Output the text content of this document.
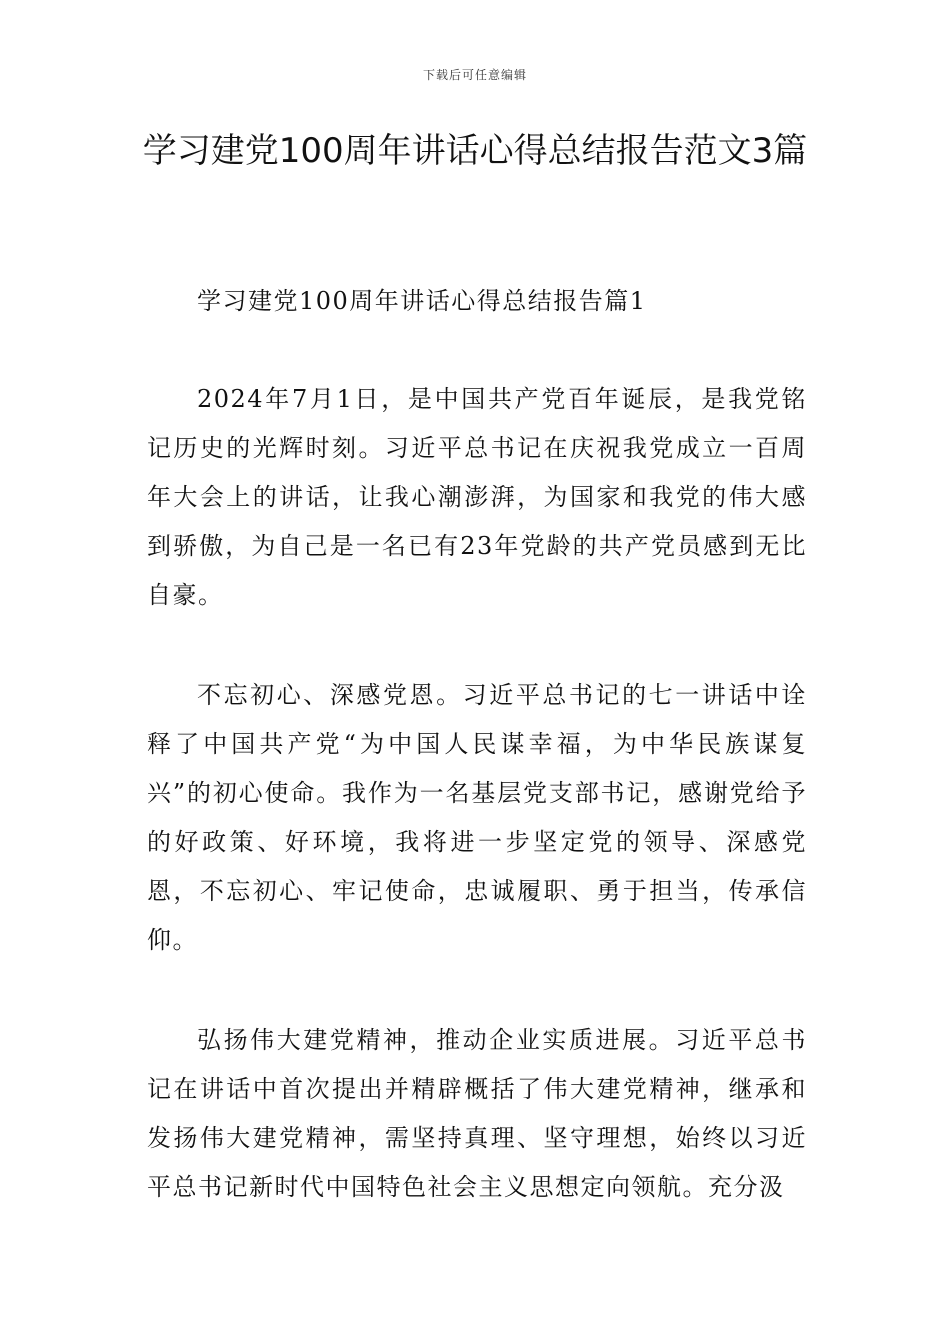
下载后可任意编辑
学习建党100周年讲话心得总结报告范文3篇

学习建党100周年讲话心得总结报告篇1

2024年7月1日，是中国共产党百年诞辰，是我党铭记历史的光辉时刻。习近平总书记在庆祝我党成立一百周年大会上的讲话，让我心潮澎湃，为国家和我党的伟大感到骄傲，为自己是一名已有23年党龄的共产党员感到无比自豪。

不忘初心、深感党恩。习近平总书记的七一讲话中诠释了中国共产党“为中国人民谋幸福，为中华民族谋复兴”的初心使命。我作为一名基层党支部书记，感谢党给予的好政策、好环境，我将进一步坚定党的领导、深感党恩，不忘初心、牢记使命，忠诚履职、勇于担当，传承信仰。

弘扬伟大建党精神，推动企业实质进展。习近平总书记在讲话中首次提出并精辟概括了伟大建党精神，继承和发扬伟大建党精神，需坚持真理、坚守理想，始终以习近平总书记新时代中国特色社会主义思想定向领航。充分汲
